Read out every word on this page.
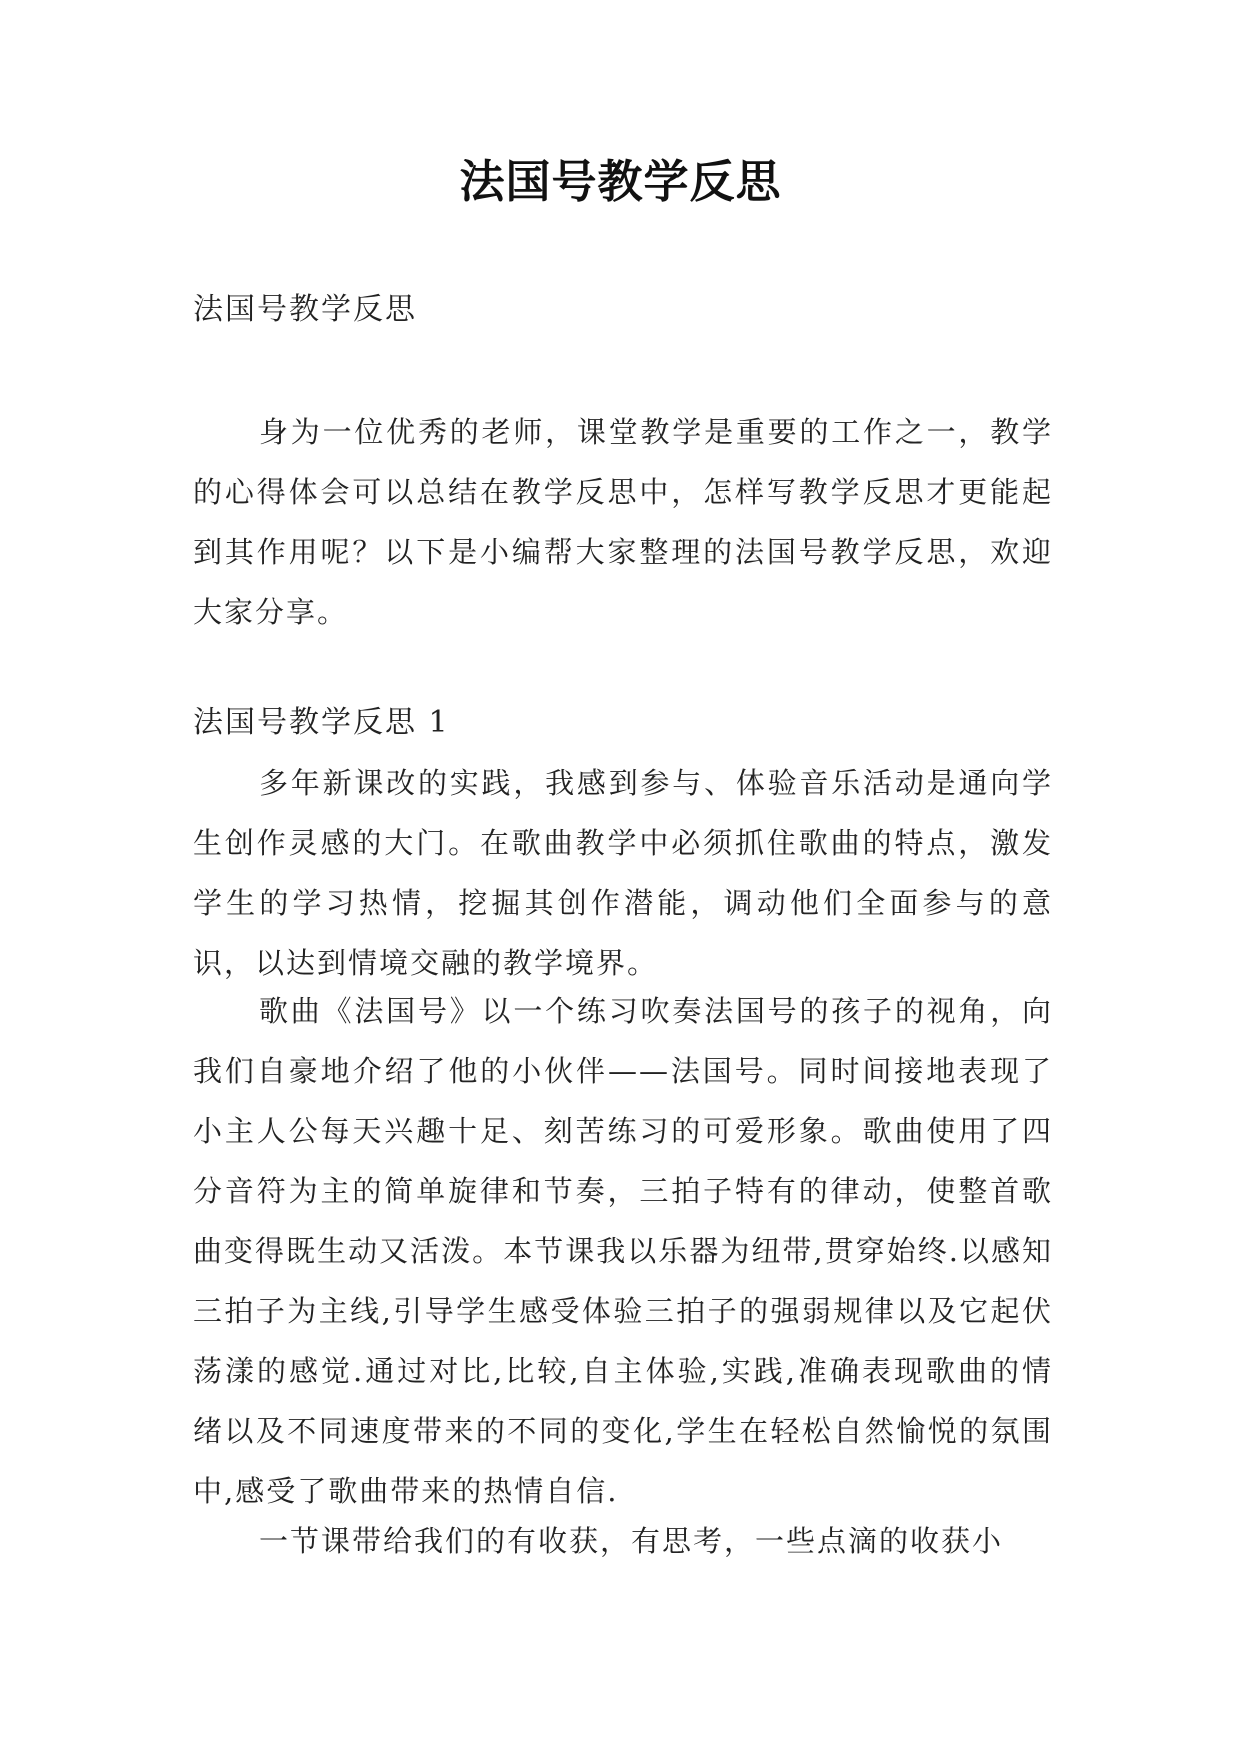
法国号教学反思
法国号教学反思

身为一位优秀的老师，课堂教学是重要的工作之一，教学的心得体会可以总结在教学反思中，怎样写教学反思才更能起到其作用呢？以下是小编帮大家整理的法国号教学反思，欢迎大家分享。

法国号教学反思 1

多年新课改的实践，我感到参与、体验音乐活动是通向学生创作灵感的大门。在歌曲教学中必须抓住歌曲的特点，激发学生的学习热情，挖掘其创作潜能，调动他们全面参与的意识，以达到情境交融的教学境界。

歌曲《法国号》以一个练习吹奏法国号的孩子的视角，向我们自豪地介绍了他的小伙伴——法国号。同时间接地表现了小主人公每天兴趣十足、刻苦练习的可爱形象。歌曲使用了四分音符为主的简单旋律和节奏，三拍子特有的律动，使整首歌曲变得既生动又活泼。本节课我以乐器为纽带,贯穿始终.以感知三拍子为主线,引导学生感受体验三拍子的强弱规律以及它起伏荡漾的感觉.通过对比,比较,自主体验,实践,准确表现歌曲的情绪以及不同速度带来的不同的变化,学生在轻松自然愉悦的氛围中,感受了歌曲带来的热情自信.

一节课带给我们的有收获，有思考，一些点滴的收获小
